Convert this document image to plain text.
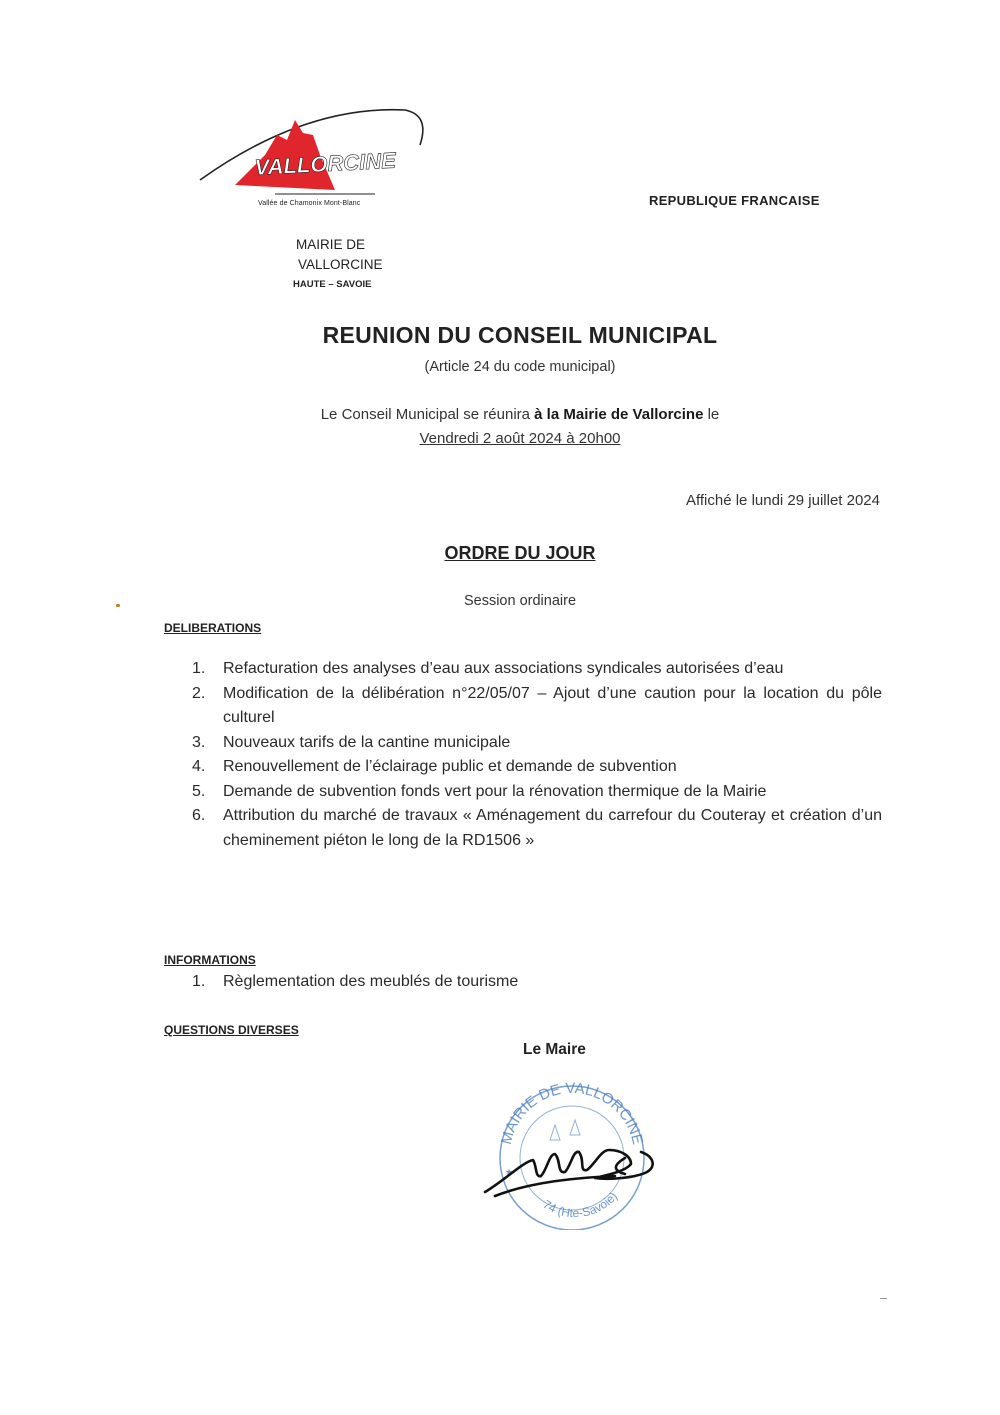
VALLORCINE
Vallée de Chamonix Mont-Blanc	REPUBLIQUE FRANCAISE
MAIRIE DE
VALLORCINE
HAUTE – SAVOIE
REUNION DU CONSEIL MUNICIPAL
(Article 24 du code municipal)
Le Conseil Municipal se réunira à la Mairie de Vallorcine le
Vendredi 2 août 2024 à 20h00
Affiché le lundi 29 juillet 2024
ORDRE DU JOUR
Session ordinaire
DELIBERATIONS
1.	Refacturation des analyses d’eau aux associations syndicales autorisées d’eau
2.	Modification de la délibération n°22/05/07 – Ajout d’une caution pour la location du pôle culturel
3.	Nouveaux tarifs de la cantine municipale
4.	Renouvellement de l’éclairage public et demande de subvention
5.	Demande de subvention fonds vert pour la rénovation thermique de la Mairie
6.	Attribution du marché de travaux « Aménagement du carrefour du Couteray et création d’un cheminement piéton le long de la RD1506 »
INFORMATIONS
1.	Règlementation des meublés de tourisme
QUESTIONS DIVERSES
Le Maire
MAIRIE DE VALLORCINE
74 (Hte-Savoie)
★
